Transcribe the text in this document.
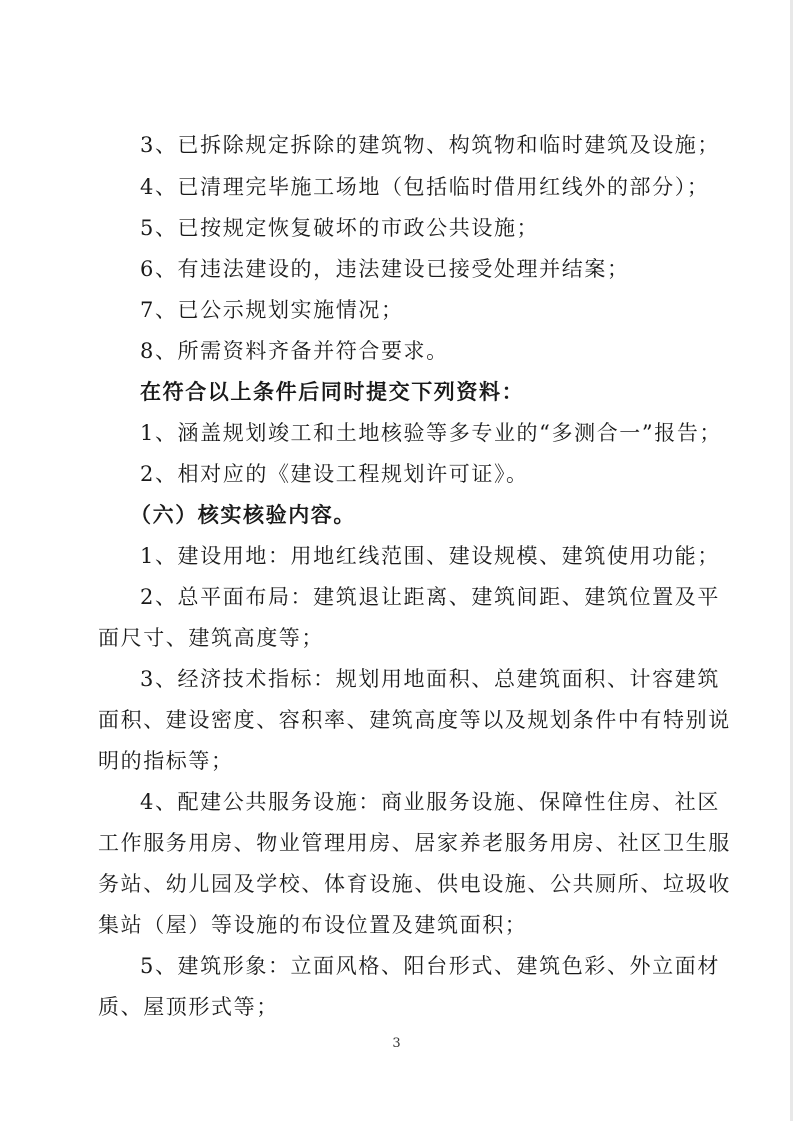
3、已拆除规定拆除的建筑物、构筑物和临时建筑及设施；
4、已清理完毕施工场地（包括临时借用红线外的部分）；
5、已按规定恢复破坏的市政公共设施；
6、有违法建设的，违法建设已接受处理并结案；
7、已公示规划实施情况；
8、所需资料齐备并符合要求。
在符合以上条件后同时提交下列资料：
1、涵盖规划竣工和土地核验等多专业的“多测合一”报告；
2、相对应的《建设工程规划许可证》。
（六）核实核验内容。
1、建设用地：用地红线范围、建设规模、建筑使用功能；
2、总平面布局：建筑退让距离、建筑间距、建筑位置及平
面尺寸、建筑高度等；
3、经济技术指标：规划用地面积、总建筑面积、计容建筑
面积、建设密度、容积率、建筑高度等以及规划条件中有特别说
明的指标等；
4、配建公共服务设施：商业服务设施、保障性住房、社区
工作服务用房、物业管理用房、居家养老服务用房、社区卫生服
务站、幼儿园及学校、体育设施、供电设施、公共厕所、垃圾收
集站（屋）等设施的布设位置及建筑面积；
5、建筑形象：立面风格、阳台形式、建筑色彩、外立面材
质、屋顶形式等；
3
